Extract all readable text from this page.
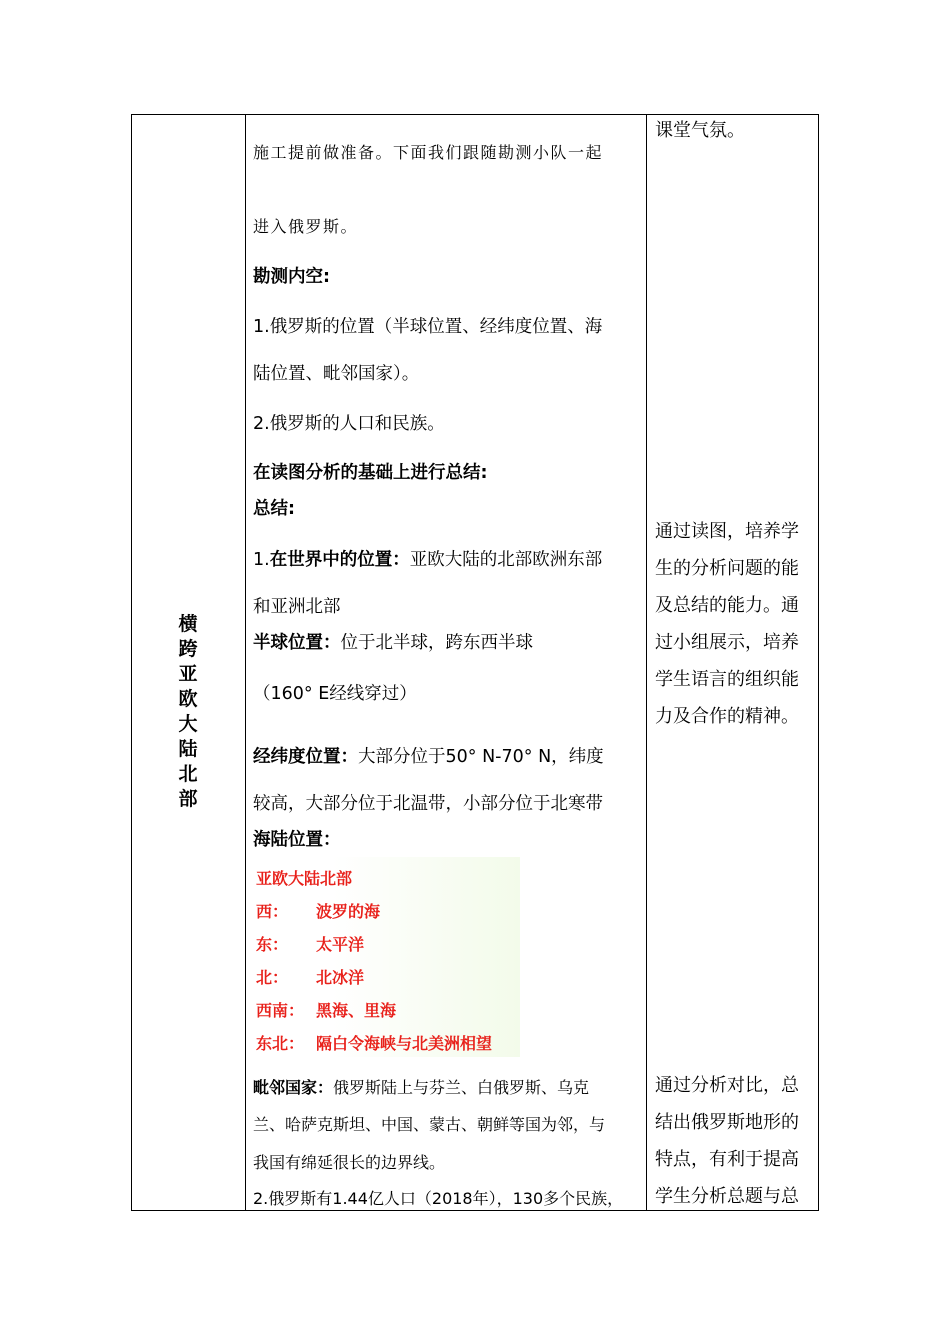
横
跨
亚
欧
大
陆
北
部
施工提前做准备。下面我们跟随勘测小队一起
进入俄罗斯。
勘测内空:
1.俄罗斯的位置（半球位置、经纬度位置、海
陆位置、毗邻国家）。
2.俄罗斯的人口和民族。
在读图分析的基础上进行总结:
总结:
1.在世界中的位置：亚欧大陆的北部欧洲东部
和亚洲北部
半球位置：位于北半球，跨东西半球
（160° E经线穿过）
经纬度位置：大部分位于50° N-70° N，纬度
较高，大部分位于北温带，小部分位于北寒带
海陆位置：
亚欧大陆北部
西： 波罗的海
东： 太平洋
北： 北冰洋
西南： 黑海、里海
东北： 隔白令海峡与北美洲相望
毗邻国家：俄罗斯陆上与芬兰、白俄罗斯、乌克
兰、哈萨克斯坦、中国、蒙古、朝鲜等国为邻，与
我国有绵延很长的边界线。
2.俄罗斯有1.44亿人口（2018年），130多个民族，
课堂气氛。
通过读图，培养学
生的分析问题的能
及总结的能力。通
过小组展示，培养
学生语言的组织能
力及合作的精神。
通过分析对比，总
结出俄罗斯地形的
特点，有利于提高
学生分析总题与总
